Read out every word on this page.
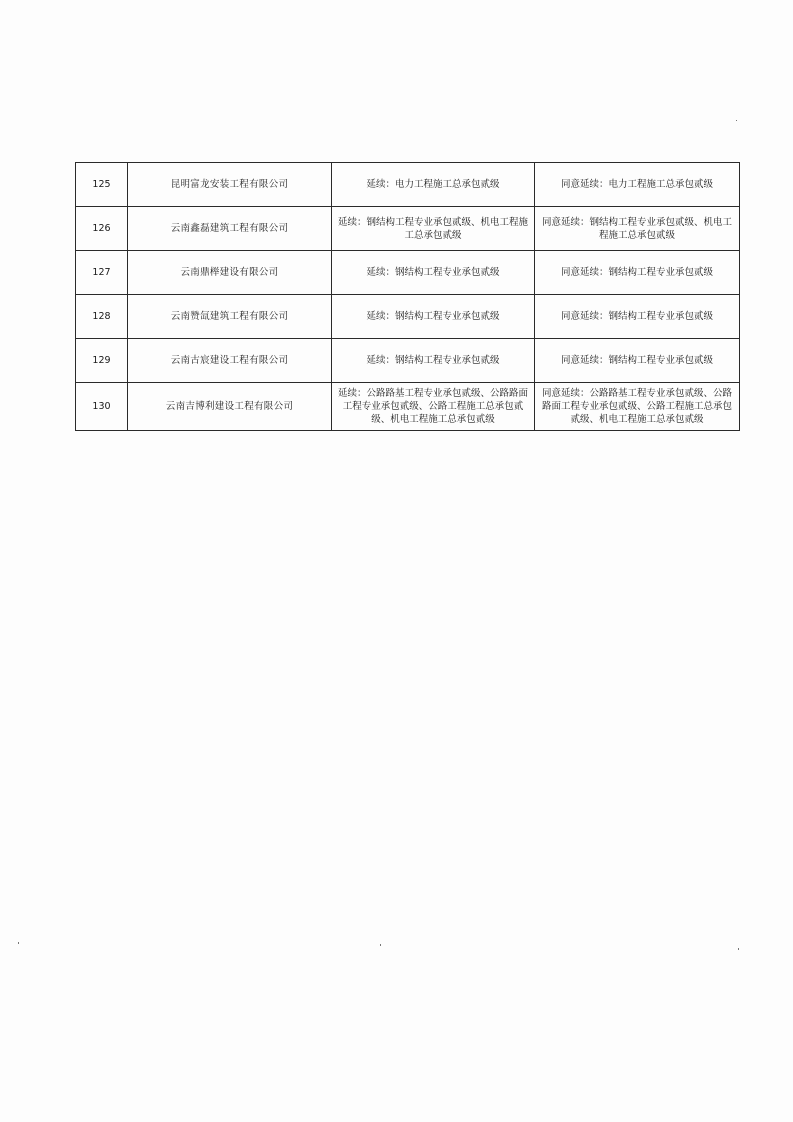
125	昆明富龙安装工程有限公司	延续：电力工程施工总承包贰级	同意延续：电力工程施工总承包贰级
126	云南鑫磊建筑工程有限公司	延续：钢结构工程专业承包贰级、机电工程施工总承包贰级	同意延续：钢结构工程专业承包贰级、机电工程施工总承包贰级
127	云南鼎榉建设有限公司	延续：钢结构工程专业承包贰级	同意延续：钢结构工程专业承包贰级
128	云南赞氙建筑工程有限公司	延续：钢结构工程专业承包贰级	同意延续：钢结构工程专业承包贰级
129	云南古宸建设工程有限公司	延续：钢结构工程专业承包贰级	同意延续：钢结构工程专业承包贰级
130	云南吉博利建设工程有限公司	延续：公路路基工程专业承包贰级、公路路面工程专业承包贰级、公路工程施工总承包贰级、机电工程施工总承包贰级	同意延续：公路路基工程专业承包贰级、公路路面工程专业承包贰级、公路工程施工总承包贰级、机电工程施工总承包贰级
